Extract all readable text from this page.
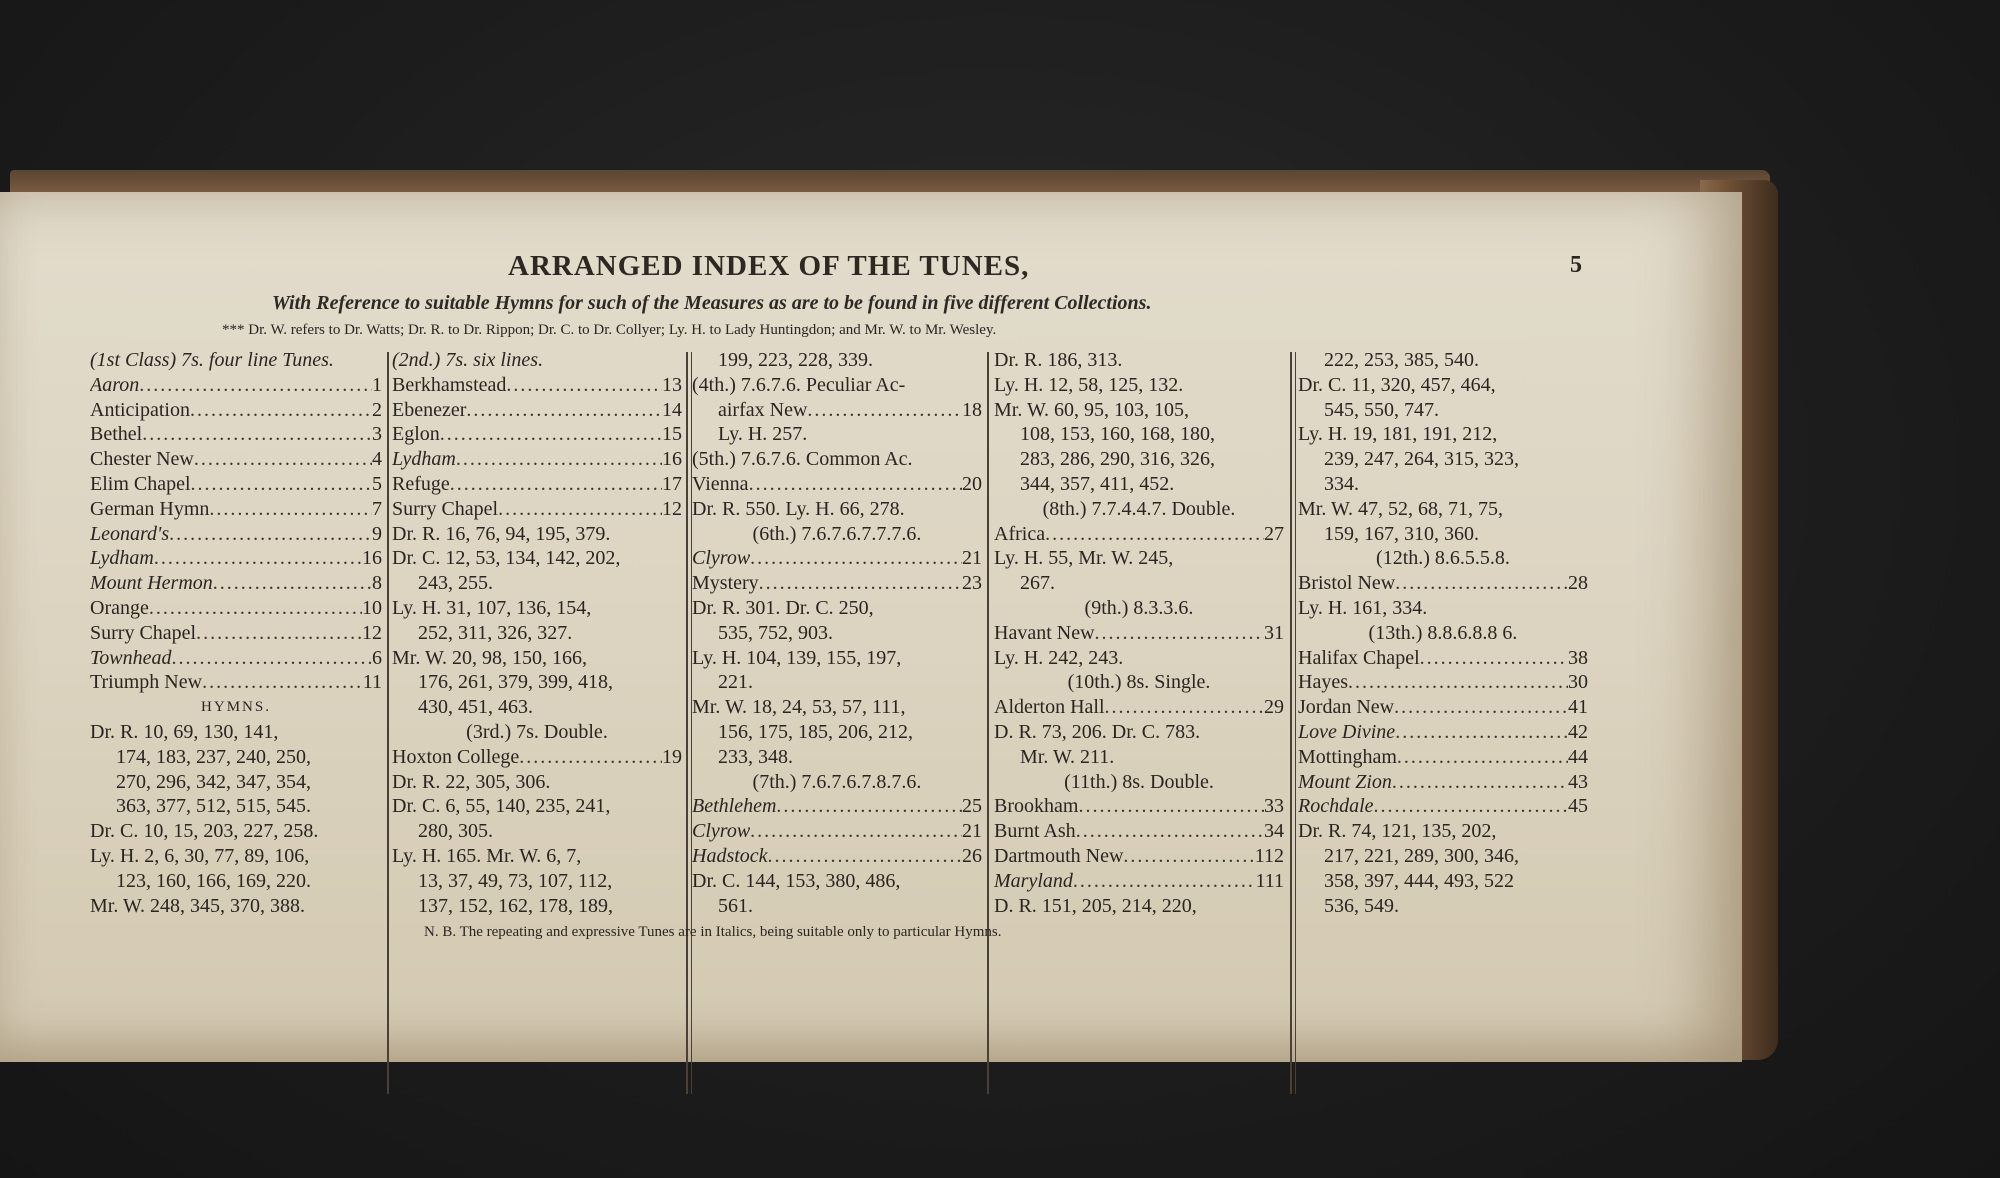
ARRANGED INDEX OF THE TUNES,	5
With Reference to suitable Hymns for such of the Measures as are to be found in five different Collections.
*** Dr. W. refers to Dr. Watts; Dr. R. to Dr. Rippon; Dr. C. to Dr. Collyer; Ly. H. to Lady Huntingdon; and Mr. W. to Mr. Wesley.
(1st Class) 7s. four line Tunes.
Aaron .....	1
Anticipation .....	2
Bethel .....	3
Chester New .....	4
Elim Chapel .....	5
German Hymn .....	7
Leonard's .....	9
Lydham .....	16
Mount Hermon .....	8
Orange .....	10
Surry Chapel .....	12
Townhead .....	6
Triumph New .....	11
HYMNS.
Dr. R. 10, 69, 130, 141,
174, 183, 237, 240, 250,
270, 296, 342, 347, 354,
363, 377, 512, 515, 545.
Dr. C. 10, 15, 203, 227, 258.
Ly. H. 2, 6, 30, 77, 89, 106,
123, 160, 166, 169, 220.
Mr. W. 248, 345, 370, 388.
(2nd.) 7s. six lines.
Berkhamstead .....	13
Ebenezer .....	14
Eglon .....	15
Lydham .....	16
Refuge .....	17
Surry Chapel .....	12
Dr. R. 16, 76, 94, 195, 379.
Dr. C. 12, 53, 134, 142, 202,
243, 255.
Ly. H. 31, 107, 136, 154,
252, 311, 326, 327.
Mr. W. 20, 98, 150, 166,
176, 261, 379, 399, 418,
430, 451, 463.
(3rd.) 7s. Double.
Hoxton College .....	19
Dr. R. 22, 305, 306.
Dr. C. 6, 55, 140, 235, 241,
280, 305.
Ly. H. 165. Mr. W. 6, 7,
13, 37, 49, 73, 107, 112,
137, 152, 162, 178, 189,
199, 223, 228, 339.
(4th.) 7.6.7.6. Peculiar Ac-
airfax New .....	18
Ly. H. 257.
(5th.) 7.6.7.6. Common Ac.
Vienna .....	20
Dr. R. 550. Ly. H. 66, 278.
(6th.) 7.6.7.6.7.7.7.6.
Clyrow .....	21
Mystery .....	23
Dr. R. 301. Dr. C. 250,
535, 752, 903.
Ly. H. 104, 139, 155, 197,
221.
Mr. W. 18, 24, 53, 57, 111,
156, 175, 185, 206, 212,
233, 348.
(7th.) 7.6.7.6.7.8.7.6.
Bethlehem .....	25
Clyrow .....	21
Hadstock .....	26
Dr. C. 144, 153, 380, 486,
561.
Dr. R. 186, 313.
Ly. H. 12, 58, 125, 132.
Mr. W. 60, 95, 103, 105,
108, 153, 160, 168, 180,
283, 286, 290, 316, 326,
344, 357, 411, 452.
(8th.) 7.7.4.4.7. Double.
Africa .....	27
Ly. H. 55, Mr. W. 245,
267.
(9th.) 8.3.3.6.
Havant New .....	31
Ly. H. 242, 243.
(10th.) 8s. Single.
Alderton Hall .....	29
D. R. 73, 206. Dr. C. 783.
Mr. W. 211.
(11th.) 8s. Double.
Brookham .....	33
Burnt Ash .....	34
Dartmouth New .....	112
Maryland .....	111
D. R. 151, 205, 214, 220,
222, 253, 385, 540.
Dr. C. 11, 320, 457, 464,
545, 550, 747.
Ly. H. 19, 181, 191, 212,
239, 247, 264, 315, 323,
334.
Mr. W. 47, 52, 68, 71, 75,
159, 167, 310, 360.
(12th.) 8.6.5.5.8.
Bristol New .....	28
Ly. H. 161, 334.
(13th.) 8.8.6.8.8 6.
Halifax Chapel .....	38
Hayes .....	30
Jordan New .....	41
Love Divine .....	42
Mottingham .....	44
Mount Zion .....	43
Rochdale .....	45
Dr. R. 74, 121, 135, 202,
217, 221, 289, 300, 346,
358, 397, 444, 493, 522
536, 549.
N. B. The repeating and expressive Tunes are in Italics, being suitable only to particular Hymns.
